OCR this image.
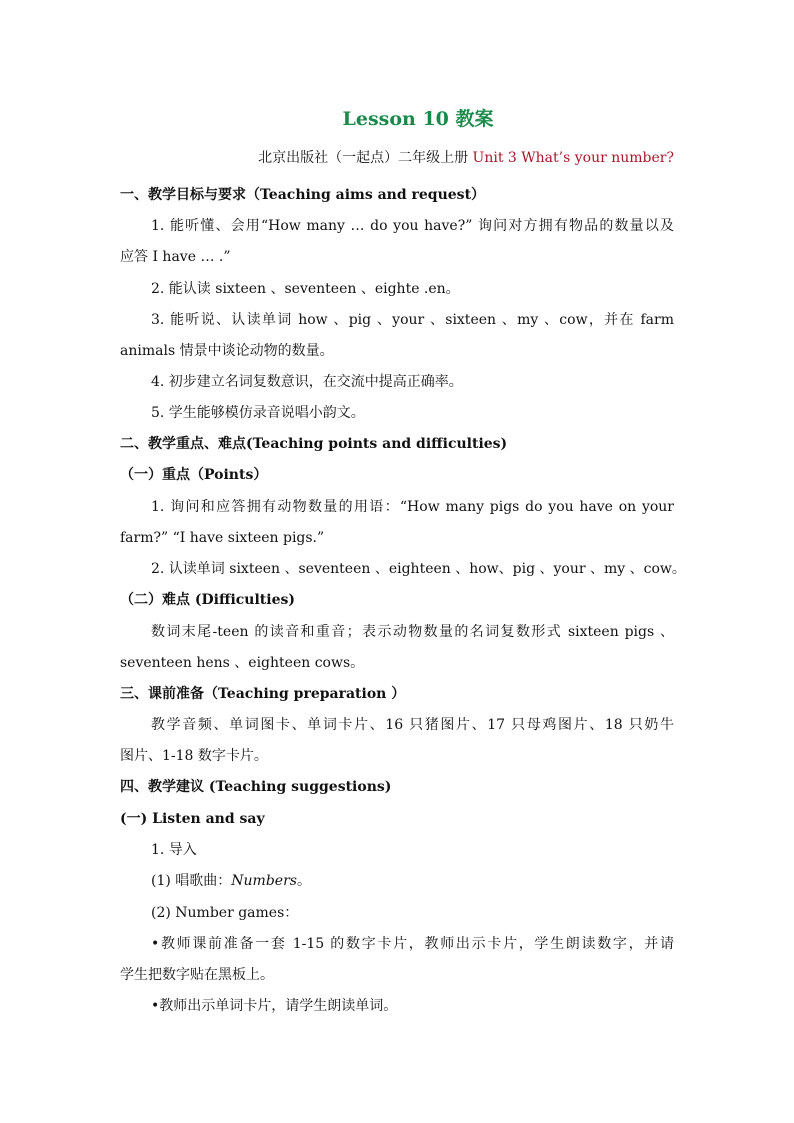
Lesson 10 教案
北京出版社（一起点）二年级上册 Unit 3 What’s your number?
一、教学目标与要求（Teaching aims and request）
1. 能听懂、会用“How many … do you have?” 询问对方拥有物品的数量以及
应答 I have … .”
2. 能认读 sixteen 、seventeen 、eighte .en。
3. 能听说、认读单词 how 、pig 、your 、sixteen 、my 、cow，并在 farm
animals 情景中谈论动物的数量。
4. 初步建立名词复数意识，在交流中提高正确率。
5. 学生能够模仿录音说唱小韵文。
二、教学重点、难点(Teaching points and difficulties)
（一）重点（Points）
1. 询问和应答拥有动物数量的用语：“How many pigs do you have on your
farm?” “I have sixteen pigs.”
2. 认读单词 sixteen 、seventeen 、eighteen 、how、pig 、your 、my 、cow。
（二）难点 (Difficulties)
数词末尾-teen 的读音和重音；表示动物数量的名词复数形式 sixteen pigs 、
seventeen hens 、eighteen cows。
三、课前准备（Teaching preparation ）
教学音频、单词图卡、单词卡片、16 只猪图片、17 只母鸡图片、18 只奶牛
图片、1-18 数字卡片。
四、教学建议 (Teaching suggestions)
(一) Listen and say
1. 导入
(1) 唱歌曲：Numbers。
(2) Number games：
•教师课前准备一套 1-15 的数字卡片，教师出示卡片，学生朗读数字，并请
学生把数字贴在黑板上。
•教师出示单词卡片，请学生朗读单词。
